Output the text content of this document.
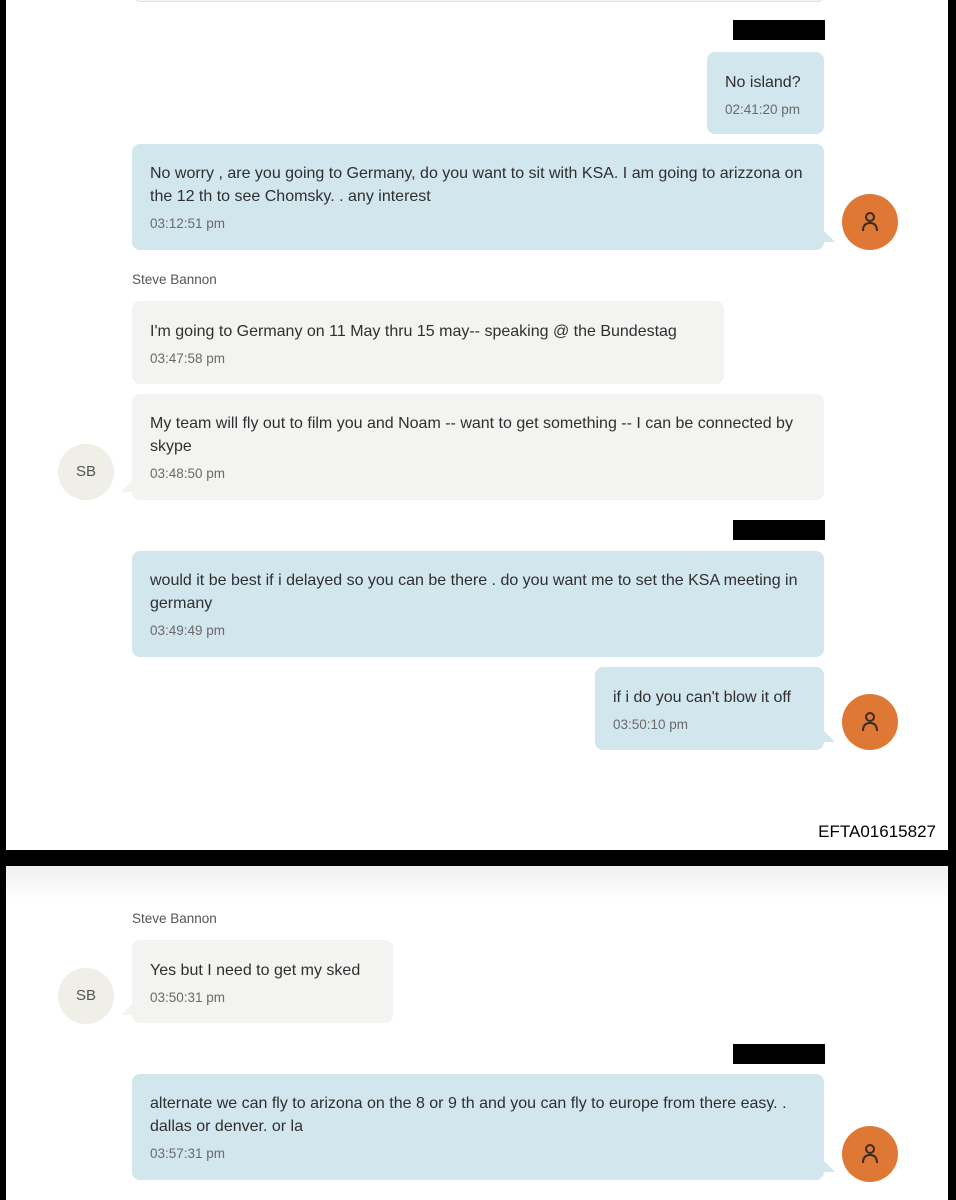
No island?
02:41:20 pm
No worry , are you going to Germany, do you want to sit with KSA. I am going to arizzona on the 12 th to see Chomsky. . any interest
03:12:51 pm
Steve Bannon
I'm going to Germany on 11 May thru 15 may-- speaking @ the Bundestag
03:47:58 pm
My team will fly out to film you and Noam -- want to get something -- I can be connected by skype
03:48:50 pm
SB
would it be best if i delayed so you can be there . do you want me to set the KSA meeting in germany
03:49:49 pm
if i do you can't blow it off
03:50:10 pm
EFTA01615827
Steve Bannon
Yes but I need to get my sked
03:50:31 pm
SB
alternate we can fly to arizona on the 8 or 9 th and you can fly to europe from there easy. . dallas or denver. or la
03:57:31 pm
